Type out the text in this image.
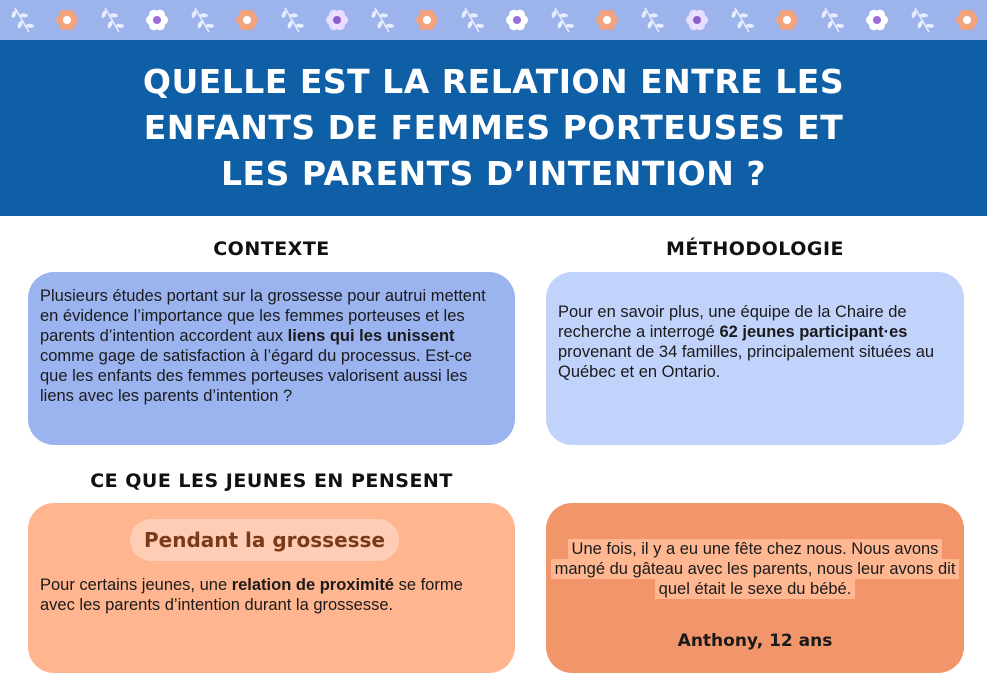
QUELLE EST LA RELATION ENTRE LES
ENFANTS DE FEMMES PORTEUSES ET
LES PARENTS D’INTENTION ?
CONTEXTE

Plusieurs études portant sur la grossesse pour autrui mettent en évidence l’importance que les femmes porteuses et les parents d’intention accordent aux liens qui les unissent comme gage de satisfaction à l’égard du processus. Est-ce que les enfants des femmes porteuses valorisent aussi les liens avec les parents d’intention ?

MÉTHODOLOGIE

Pour en savoir plus, une équipe de la Chaire de recherche a interrogé 62 jeunes participant·es provenant de 34 familles, principalement situées au Québec et en Ontario.

CE QUE LES JEUNES EN PENSENT
Pendant la grossesse

Pour certains jeunes, une relation de proximité se forme avec les parents d’intention durant la grossesse.

Une fois, il y a eu une fête chez nous. Nous avons mangé du gâteau avec les parents, nous leur avons dit quel était le sexe du bébé.

Anthony, 12 ans
